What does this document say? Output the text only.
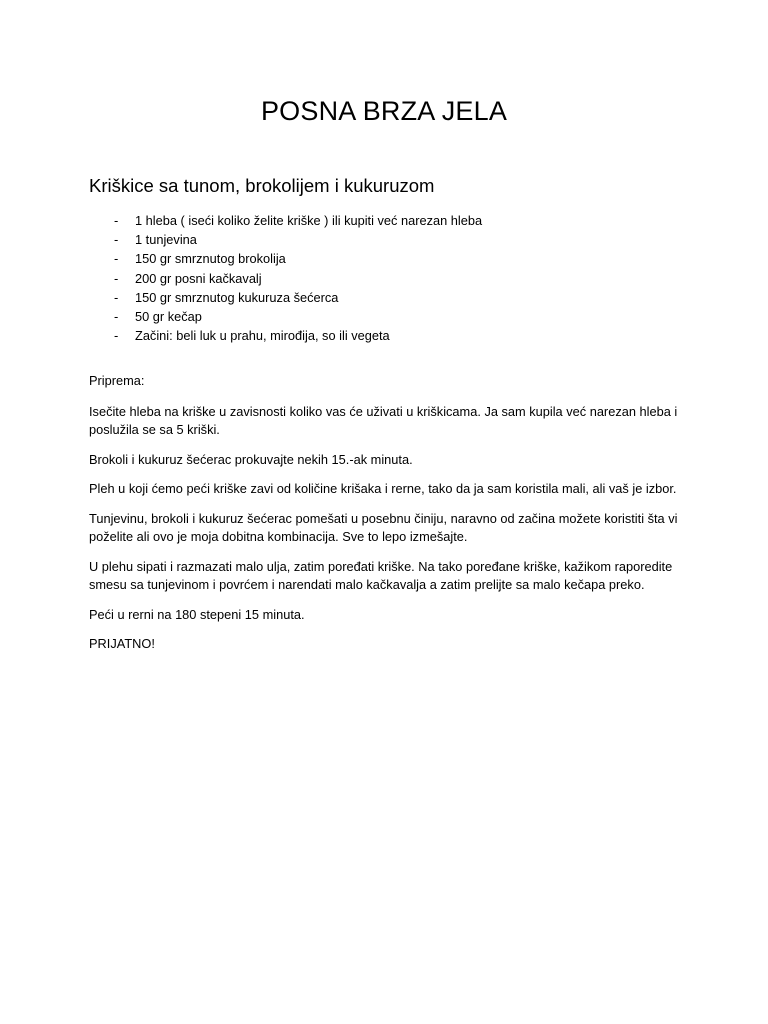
POSNA BRZA JELA
Kriškice sa tunom, brokolijem i kukuruzom
- 1 hleba ( iseći koliko želite kriške ) ili kupiti već narezan hleba
- 1 tunjevina
- 150 gr smrznutog brokolija
- 200 gr posni kačkavalj
- 150 gr smrznutog kukuruza šećerca
- 50 gr kečap
- Začini: beli luk u prahu, mirođija, so ili vegeta

Priprema:

Isečite hleba na kriške u zavisnosti koliko vas će uživati u kriškicama. Ja sam kupila već narezan hleba i poslužila se sa 5 kriški.

Brokoli i kukuruz šećerac prokuvajte nekih 15.-ak minuta.

Pleh u koji ćemo peći kriške zavi od količine krišaka i rerne, tako da ja sam koristila mali, ali vaš je izbor.

Tunjevinu, brokoli i kukuruz šećerac pomešati u posebnu činiju, naravno od začina možete koristiti šta vi poželite ali ovo je moja dobitna kombinacija. Sve to lepo izmešajte.

U plehu sipati i razmazati malo ulja, zatim poređati kriške. Na tako poređane kriške, kažikom raporedite smesu sa tunjevinom i povrćem i narendati malo kačkavalja a zatim prelijte sa malo kečapa preko.

Peći u rerni na 180 stepeni 15 minuta.

PRIJATNO!
